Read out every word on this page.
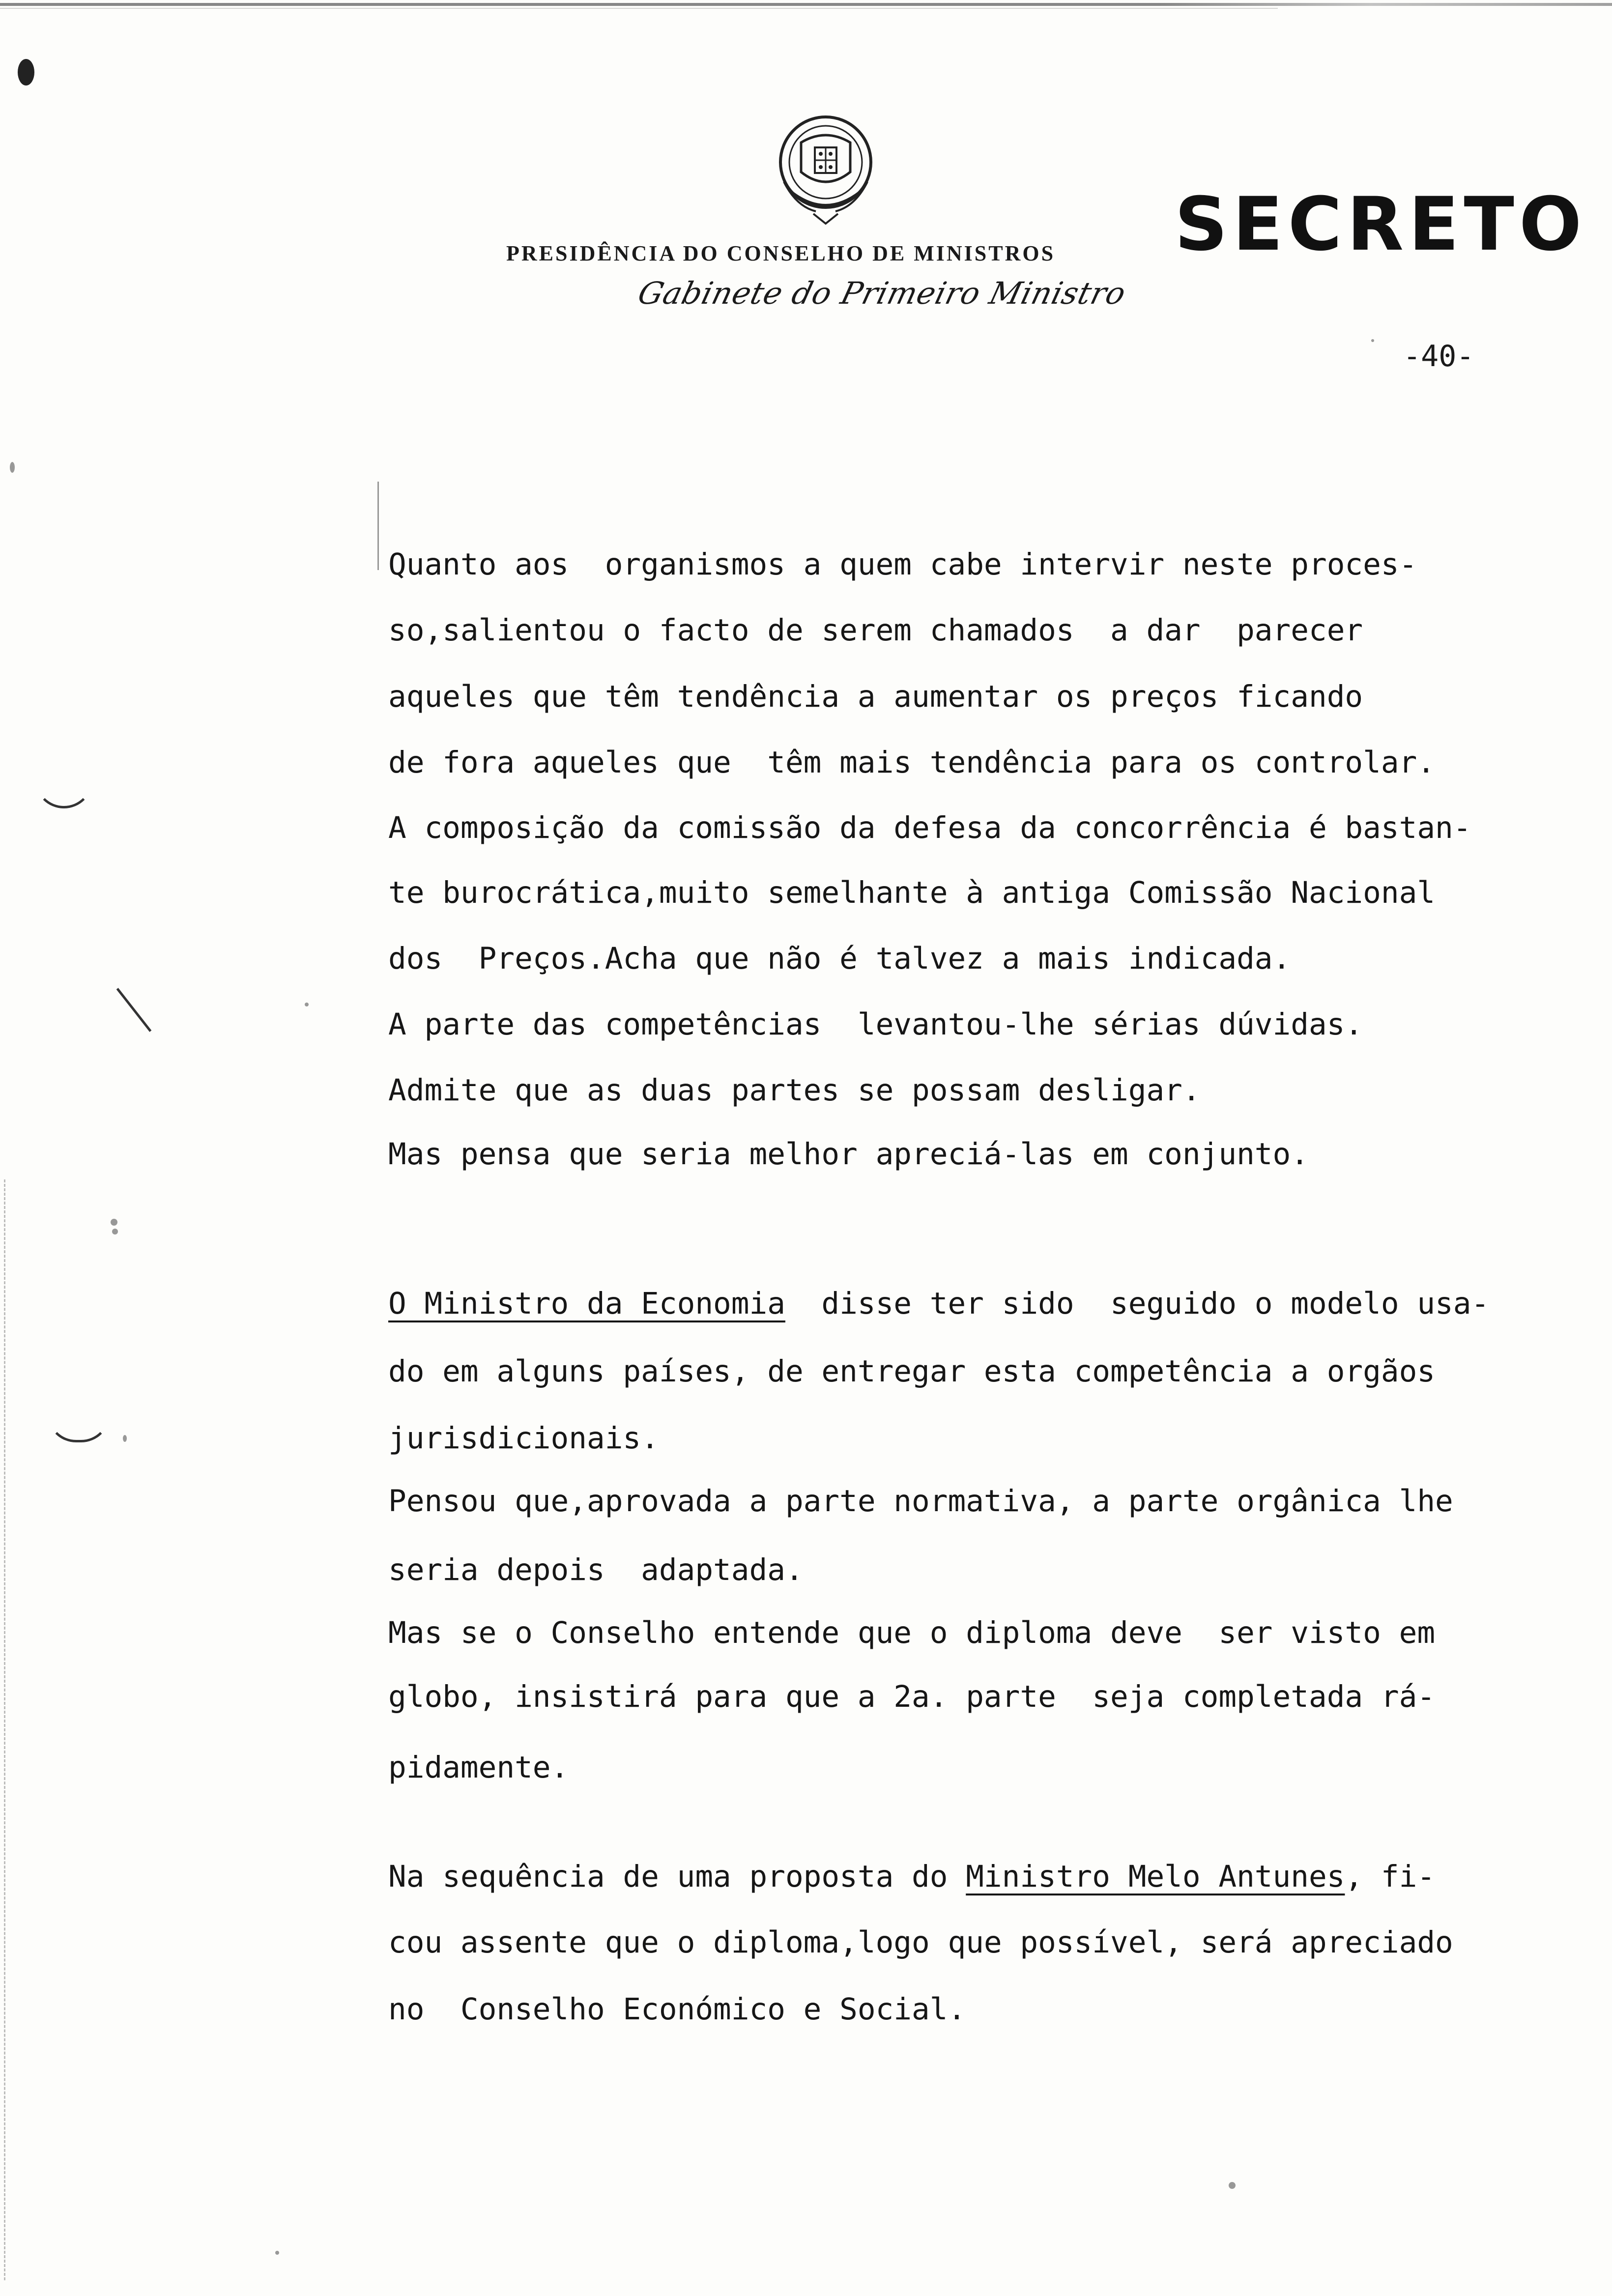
PRESIDÊNCIA DO CONSELHO DE MINISTROS
Gabinete do Primeiro Ministro
SECRETO
-40-
Quanto aos  organismos a quem cabe intervir neste proces-
so,salientou o facto de serem chamados  a dar  parecer
aqueles que têm tendência a aumentar os preços ficando
de fora aqueles que  têm mais tendência para os controlar.
A composição da comissão da defesa da concorrência é bastan-
te burocrática,muito semelhante à antiga Comissão Nacional
dos  Preços.Acha que não é talvez a mais indicada.
A parte das competências  levantou-lhe sérias dúvidas.
Admite que as duas partes se possam desligar.
Mas pensa que seria melhor apreciá-las em conjunto.
O Ministro da Economia  disse ter sido  seguido o modelo usa-
do em alguns países, de entregar esta competência a orgãos
jurisdicionais.
Pensou que,aprovada a parte normativa, a parte orgânica lhe
seria depois  adaptada.
Mas se o Conselho entende que o diploma deve  ser visto em
globo, insistirá para que a 2a. parte  seja completada rá-
pidamente.
Na sequência de uma proposta do Ministro Melo Antunes, fi-
cou assente que o diploma,logo que possível, será apreciado
no  Conselho Económico e Social.
